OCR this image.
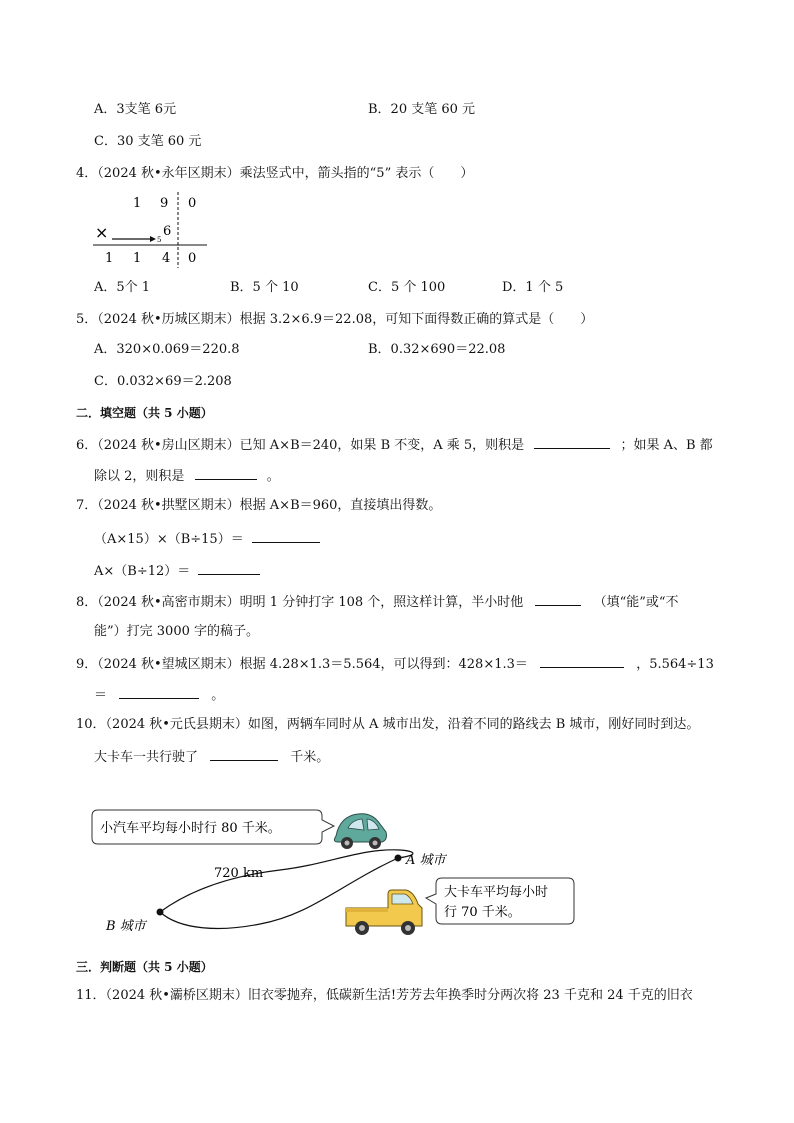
A．3支笔 6元	B．20 支笔 60 元
C．30 支笔 60 元
4．（2024 秋•永年区期末）乘法竖式中，箭头指的“5” 表示（　　）
1 9 0
×	5
6
1 1 4 0
A．5个 1	B．5 个 10	C．5 个 100	D．1 个 5
5．（2024 秋•历城区期末）根据 3.2×6.9＝22.08，可知下面得数正确的算式是（　　）
A．320×0.069＝220.8	B．0.32×690＝22.08
C．0.032×69＝2.208
二．填空题（共 5 小题）
6．（2024 秋•房山区期末）已知 A×B＝240，如果 B 不变，A 乘 5，则积是	；如果 A、B 都
除以 2，则积是	。
7．（2024 秋•拱墅区期末）根据 A×B＝960，直接填出得数。
（A×15）×（B÷15）＝
A×（B÷12）＝
8．（2024 秋•高密市期末）明明 1 分钟打字 108 个，照这样计算，半小时他	（填“能”或“不
能”）打完 3000 字的稿子。
9．（2024 秋•望城区期末）根据 4.28×1.3＝5.564，可以得到：428×1.3＝	，5.564÷13
＝	。
10．（2024 秋•元氏县期末）如图，两辆车同时从 A 城市出发，沿着不同的路线去 B 城市，刚好同时到达。
大卡车一共行驶了	千米。
小汽车平均每小时行 80 千米。
720 km
A 城市
B 城市
大卡车平均每小时
行 70 千米。
三．判断题（共 5 小题）
11．（2024 秋•灞桥区期末）旧衣零抛弃，低碳新生活!芳芳去年换季时分两次将 23 千克和 24 千克的旧衣
